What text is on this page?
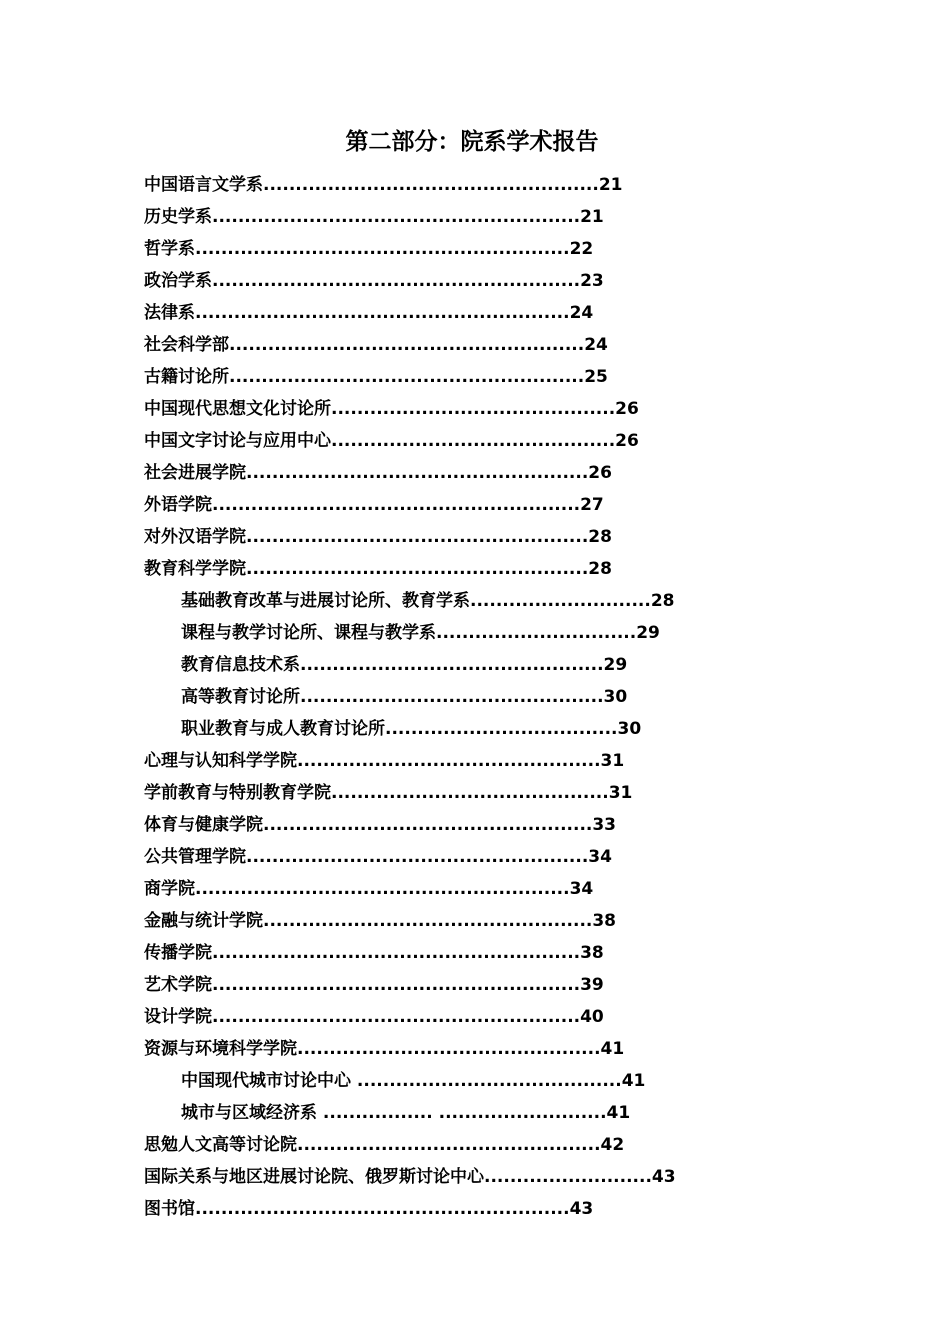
第二部分：院系学术报告
中国语言文学系....................................................21
历史学系.........................................................21
哲学系..........................................................22
政治学系.........................................................23
法律系..........................................................24
社会科学部.......................................................24
古籍讨论所.......................................................25
中国现代思想文化讨论所............................................26
中国文字讨论与应用中心............................................26
社会进展学院.....................................................26
外语学院.........................................................27
对外汉语学院.....................................................28
教育科学学院.....................................................28
基础教育改革与进展讨论所、教育学系............................28
课程与教学讨论所、课程与教学系...............................29
教育信息技术系...............................................29
高等教育讨论所...............................................30
职业教育与成人教育讨论所....................................30
心理与认知科学学院...............................................31
学前教育与特别教育学院...........................................31
体育与健康学院...................................................33
公共管理学院.....................................................34
商学院..........................................................34
金融与统计学院...................................................38
传播学院.........................................................38
艺术学院.........................................................39
设计学院.........................................................40
资源与环境科学学院...............................................41
中国现代城市讨论中心 .........................................41
城市与区域经济系 ................. ..........................41
思勉人文高等讨论院...............................................42
国际关系与地区进展讨论院、俄罗斯讨论中心..........................43
图书馆..........................................................43
